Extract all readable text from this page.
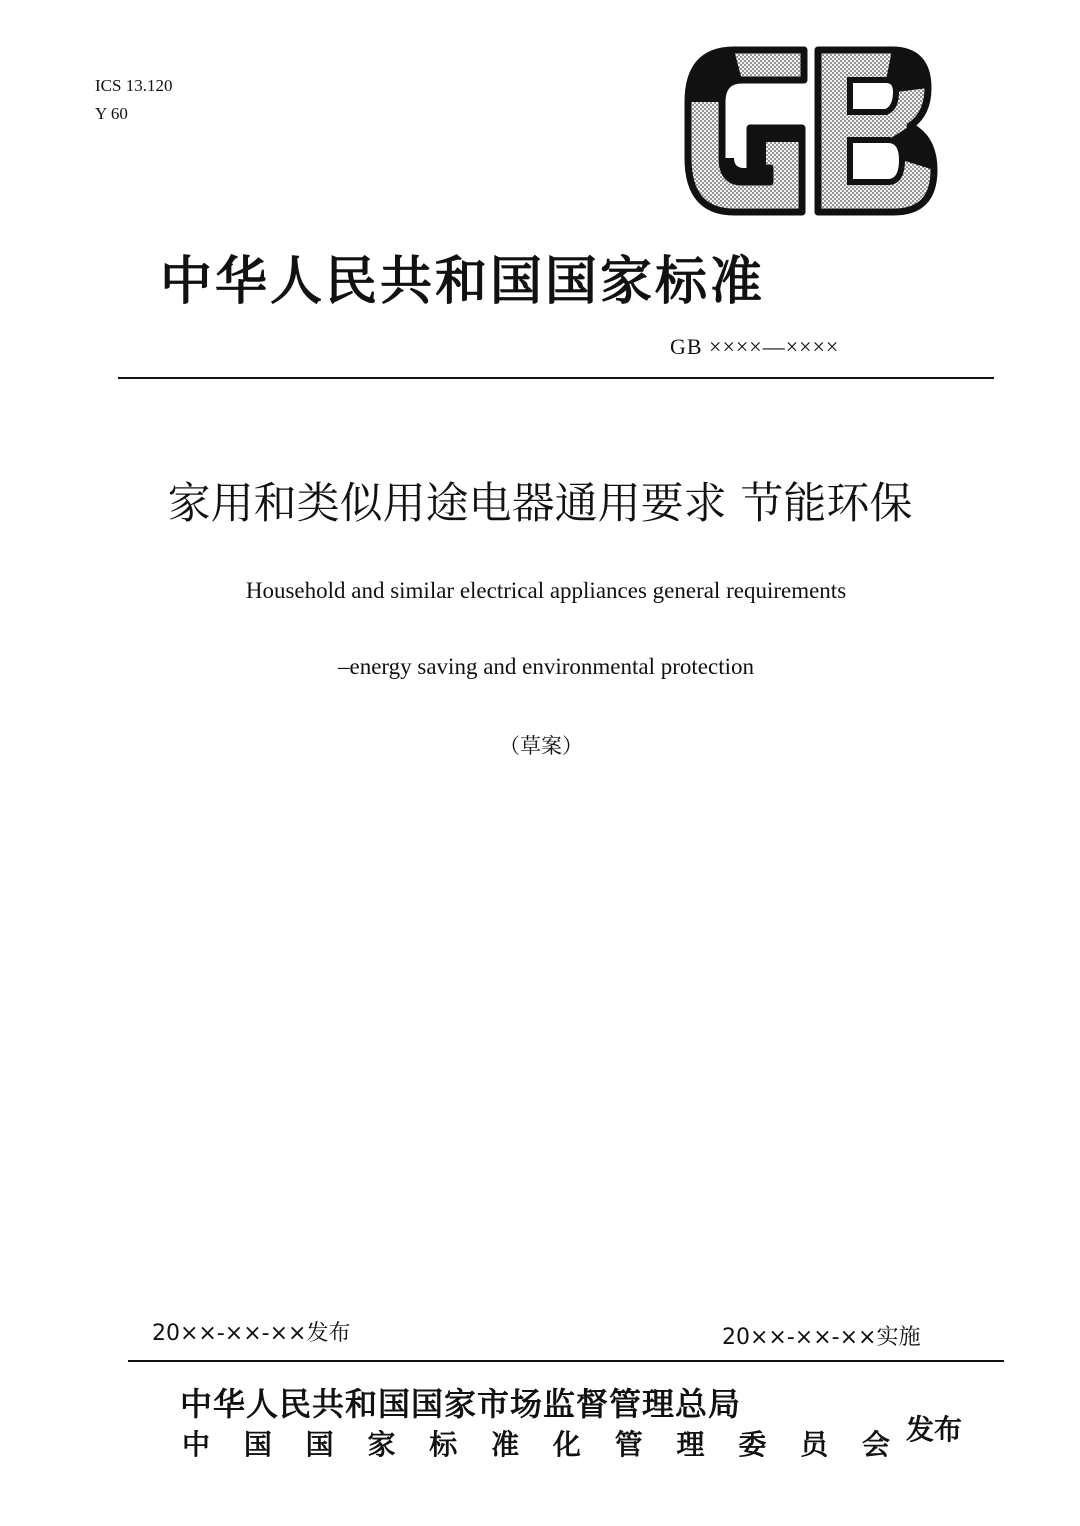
ICS 13.120
Y 60
中华人民共和国国家标准
GB ××××—××××
家用和类似用途电器通用要求 节能环保
Household and similar electrical appliances general requirements
–energy saving and environmental protection
（草案）
20××-××-××发布	20××-××-××实施
中华人民共和国国家市场监督管理总局
中 国 国 家 标 准 化 管 理 委 员 会 发布
